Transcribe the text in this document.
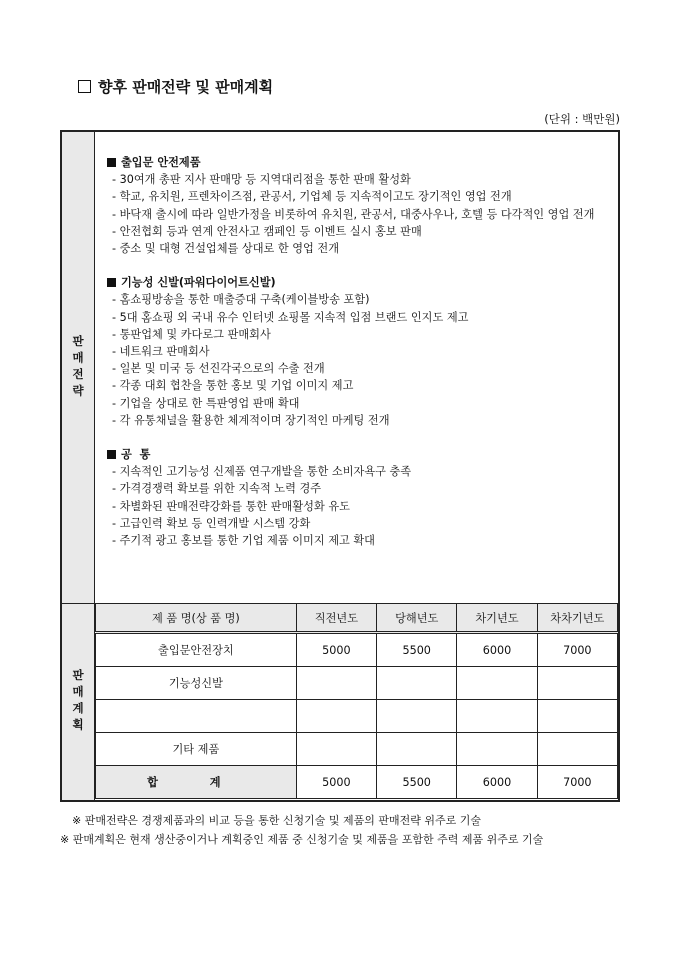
향후 판매전략 및 판매계획
(단위 : 백만원)
판매전략
판매계획
출입문 안전제품
- 30여개 총판 지사 판매망 등 지역대리점을 통한 판매 활성화
- 학교, 유치원, 프렌차이즈점, 관공서, 기업체 등 지속적이고도 장기적인 영업 전개
- 바닥재 출시에 따라 일반가정을 비롯하여 유치원, 관공서, 대중사우나, 호텔 등 다각적인 영업 전개
- 안전협회 등과 연계 안전사고 캠페인 등 이벤트 실시 홍보 판매
- 중소 및 대형 건설업체를 상대로 한 영업 전개
기능성 신발(파워다이어트신발)
- 홈쇼핑방송을 통한 매출증대 구축(케이블방송 포함)
- 5대 홈쇼핑 외 국내 유수 인터넷 쇼핑몰 지속적 입점 브랜드 인지도 제고
- 통판업체 및 카다로그 판매회사
- 네트워크 판매회사
- 일본 및 미국 등 선진각국으로의 수출 전개
- 각종 대회 협찬을 통한 홍보 및 기업 이미지 제고
- 기업을 상대로 한 특판영업 판매 확대
- 각 유통채널을 활용한 체계적이며 장기적인 마케팅 전개
공  통
- 지속적인 고기능성 신제품 연구개발을 통한 소비자욕구 충족
- 가격경쟁력 확보를 위한 지속적 노력 경주
- 차별화된 판매전략강화를 통한 판매활성화 유도
- 고급인력 확보 등 인력개발 시스템 강화
- 주기적 광고 홍보를 통한 기업 제품 이미지 제고 확대
제 품 명(상 품 명)	직전년도	당해년도	차기년도	차차기년도
출입문안전장치	5000	5500	6000	7000
기능성신발				

기타 제품				
합 계	5000	5500	6000	7000
※ 판매전략은 경쟁제품과의 비교 등을 통한 신청기술 및 제품의 판매전략 위주로 기술
※ 판매계획은 현재 생산중이거나 계획중인 제품 중 신청기술 및 제품을 포함한 주력 제품 위주로 기술
